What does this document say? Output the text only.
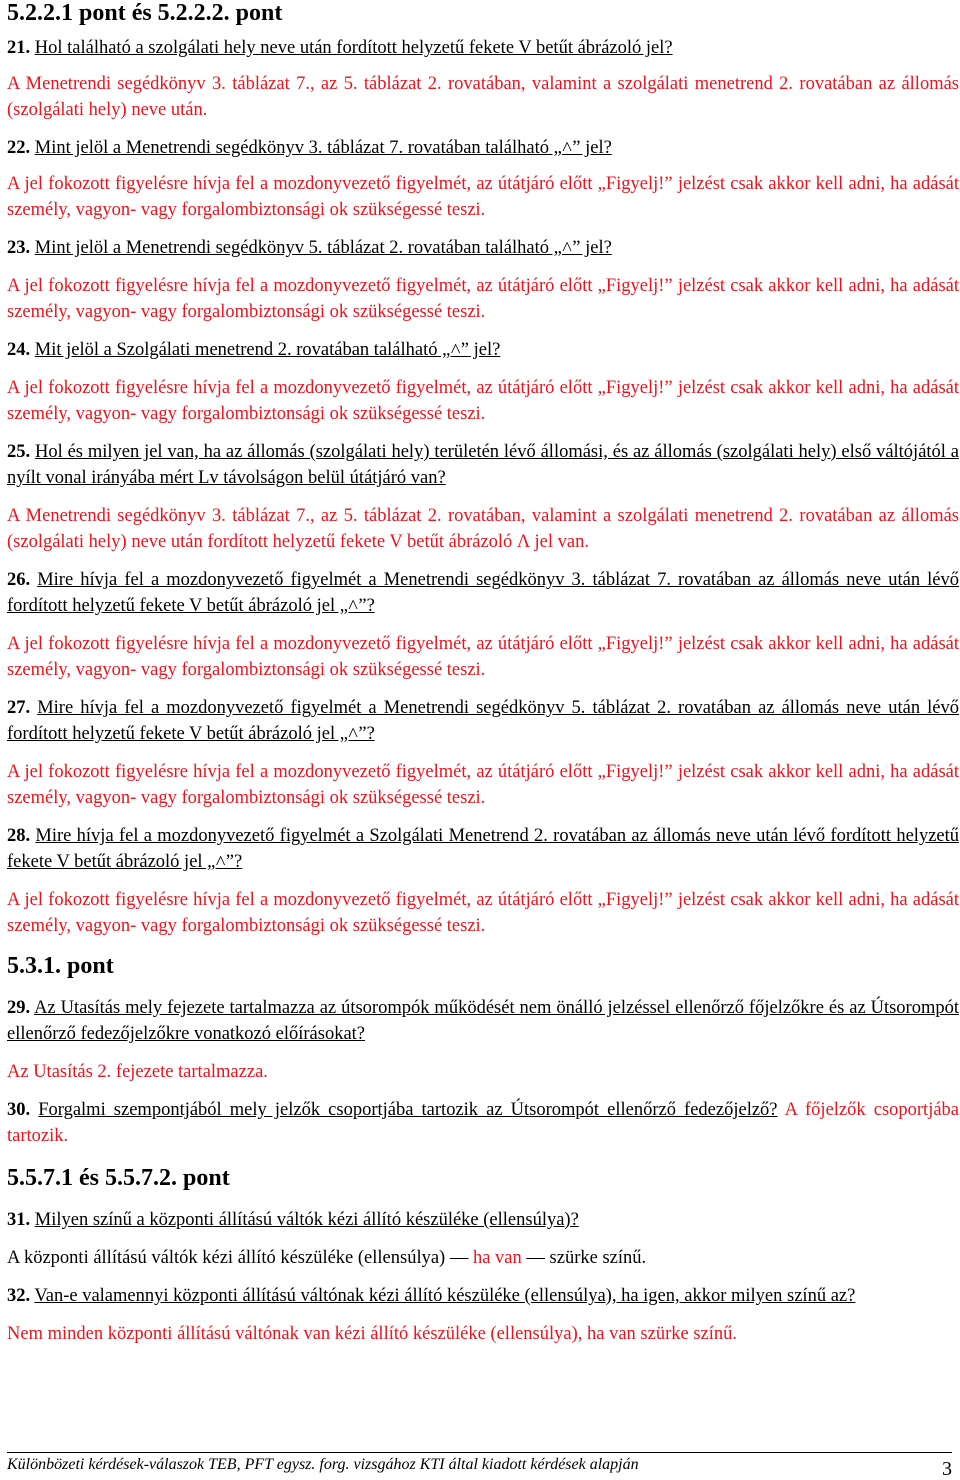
5.2.2.1 pont és 5.2.2.2. pont

21. Hol található a szolgálati hely neve után fordított helyzetű fekete V betűt ábrázoló jel?

A Menetrendi segédkönyv 3. táblázat 7., az 5. táblázat 2. rovatában, valamint a szolgálati menetrend 2. rovatában az állomás (szolgálati hely) neve után.

22. Mint jelöl a Menetrendi segédkönyv 3. táblázat 7. rovatában található „˄” jel?

A jel fokozott figyelésre hívja fel a mozdonyvezető figyelmét, az útátjáró előtt „Figyelj!” jelzést csak akkor kell adni, ha adását személy, vagyon- vagy forgalombiztonsági ok szükségessé teszi.

23. Mint jelöl a Menetrendi segédkönyv 5. táblázat 2. rovatában található „˄” jel?

A jel fokozott figyelésre hívja fel a mozdonyvezető figyelmét, az útátjáró előtt „Figyelj!” jelzést csak akkor kell adni, ha adását személy, vagyon- vagy forgalombiztonsági ok szükségessé teszi.

24. Mit jelöl a Szolgálati menetrend 2. rovatában található „˄” jel?

A jel fokozott figyelésre hívja fel a mozdonyvezető figyelmét, az útátjáró előtt „Figyelj!” jelzést csak akkor kell adni, ha adását személy, vagyon- vagy forgalombiztonsági ok szükségessé teszi.

25. Hol és milyen jel van, ha az állomás (szolgálati hely) területén lévő állomási, és az állomás (szolgálati hely) első váltójától a nyílt vonal irányába mért Lv távolságon belül útátjáró van?

A Menetrendi segédkönyv 3. táblázat 7., az 5. táblázat 2. rovatában, valamint a szolgálati menetrend 2. rovatában az állomás (szolgálati hely) neve után fordított helyzetű fekete V betűt ábrázoló Λ jel van.

26. Mire hívja fel a mozdonyvezető figyelmét a Menetrendi segédkönyv 3. táblázat 7. rovatában az állomás neve után lévő fordított helyzetű fekete V betűt ábrázoló jel „˄”?

A jel fokozott figyelésre hívja fel a mozdonyvezető figyelmét, az útátjáró előtt „Figyelj!” jelzést csak akkor kell adni, ha adását személy, vagyon- vagy forgalombiztonsági ok szükségessé teszi.

27. Mire hívja fel a mozdonyvezető figyelmét a Menetrendi segédkönyv 5. táblázat 2. rovatában az állomás neve után lévő fordított helyzetű fekete V betűt ábrázoló jel „˄”?

A jel fokozott figyelésre hívja fel a mozdonyvezető figyelmét, az útátjáró előtt „Figyelj!” jelzést csak akkor kell adni, ha adását személy, vagyon- vagy forgalombiztonsági ok szükségessé teszi.

28. Mire hívja fel a mozdonyvezető figyelmét a Szolgálati Menetrend 2. rovatában az állomás neve után lévő fordított helyzetű fekete V betűt ábrázoló jel „˄”?

A jel fokozott figyelésre hívja fel a mozdonyvezető figyelmét, az útátjáró előtt „Figyelj!” jelzést csak akkor kell adni, ha adását személy, vagyon- vagy forgalombiztonsági ok szükségessé teszi.

5.3.1. pont

29. Az Utasítás mely fejezete tartalmazza az útsorompók működését nem önálló jelzéssel ellenőrző főjelzőkre és az Útsorompót ellenőrző fedezőjelzőkre vonatkozó előírásokat?

Az Utasítás 2. fejezete tartalmazza.

30. Forgalmi szempontjából mely jelzők csoportjába tartozik az Útsorompót ellenőrző fedezőjelző? A főjelzők csoportjába tartozik.

5.5.7.1 és 5.5.7.2. pont

31. Milyen színű a központi állítású váltók kézi állító készüléke (ellensúlya)?

A központi állítású váltók kézi állító készüléke (ellensúlya) — ha van — szürke színű.

32. Van-e valamennyi központi állítású váltónak kézi állító készüléke (ellensúlya), ha igen, akkor milyen színű az?

Nem minden központi állítású váltónak van kézi állító készüléke (ellensúlya), ha van szürke színű.

Különbözeti kérdések-válaszok TEB, PFT egysz. forg. vizsgához KTI által kiadott kérdések alapján	3
